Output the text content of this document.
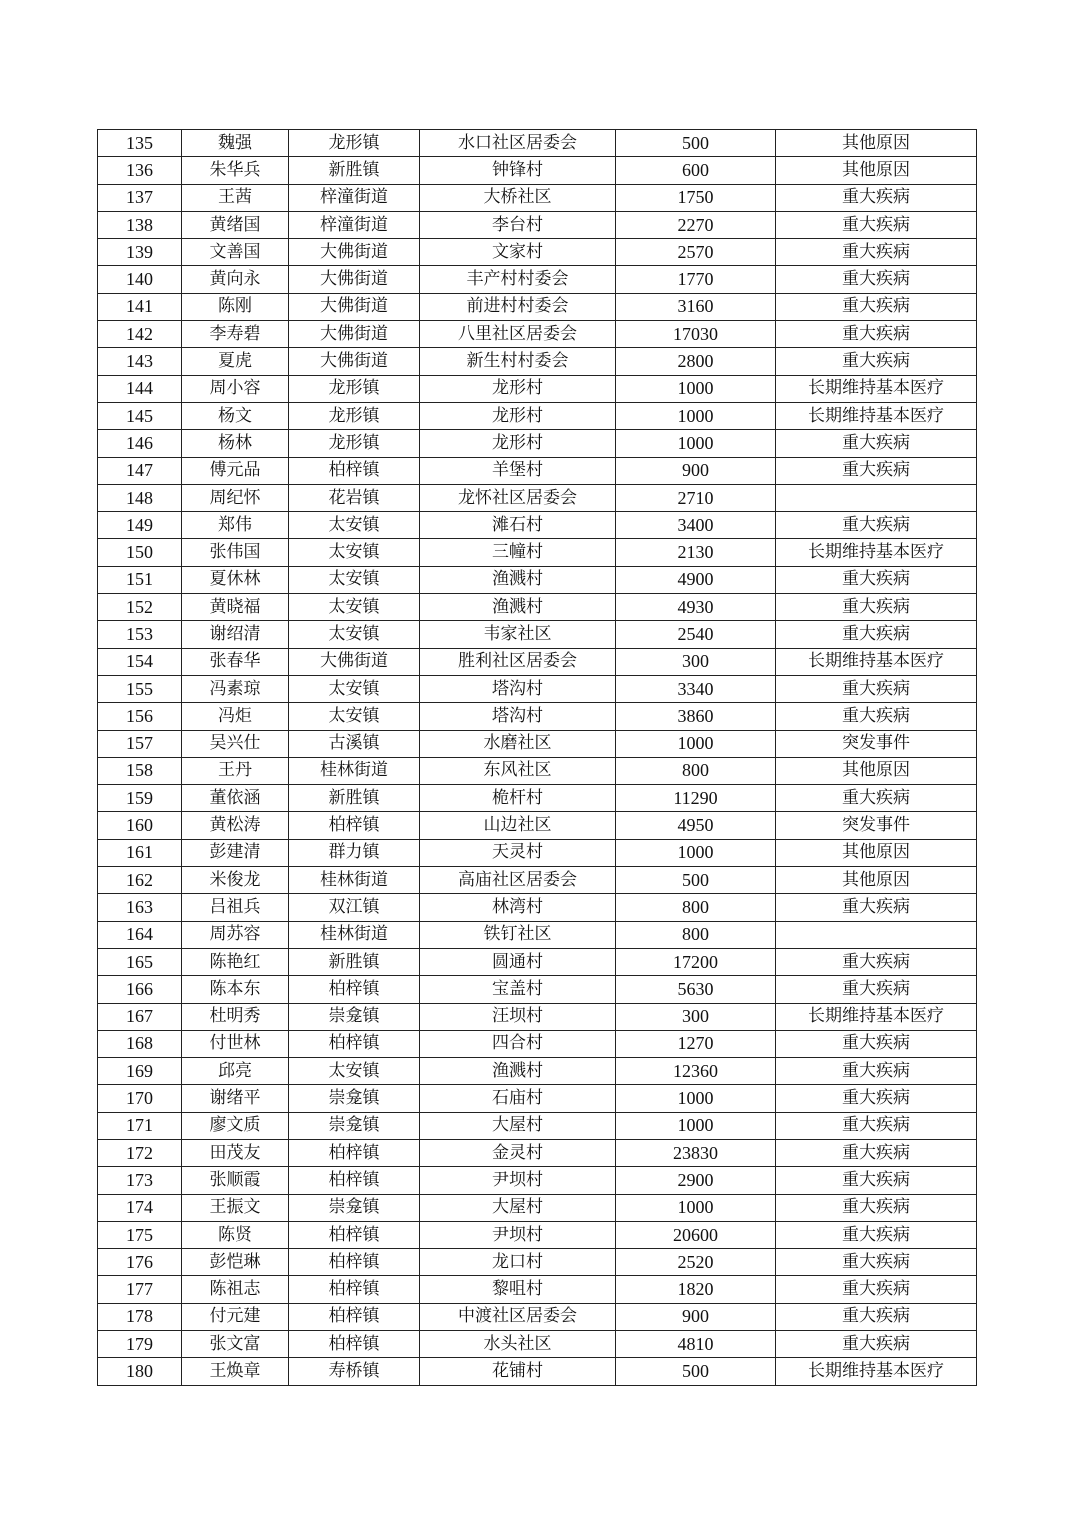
135	魏强	龙形镇	水口社区居委会	500	其他原因
136	朱华兵	新胜镇	钟锋村	600	其他原因
137	王茜	梓潼街道	大桥社区	1750	重大疾病
138	黄绪国	梓潼街道	李台村	2270	重大疾病
139	文善国	大佛街道	文家村	2570	重大疾病
140	黄向永	大佛街道	丰产村村委会	1770	重大疾病
141	陈刚	大佛街道	前进村村委会	3160	重大疾病
142	李寿碧	大佛街道	八里社区居委会	17030	重大疾病
143	夏虎	大佛街道	新生村村委会	2800	重大疾病
144	周小容	龙形镇	龙形村	1000	长期维持基本医疗
145	杨文	龙形镇	龙形村	1000	长期维持基本医疗
146	杨林	龙形镇	龙形村	1000	重大疾病
147	傅元品	柏梓镇	羊堡村	900	重大疾病
148	周纪怀	花岩镇	龙怀社区居委会	2710	
149	郑伟	太安镇	滩石村	3400	重大疾病
150	张伟国	太安镇	三幢村	2130	长期维持基本医疗
151	夏休林	太安镇	渔溅村	4900	重大疾病
152	黄晓福	太安镇	渔溅村	4930	重大疾病
153	谢绍清	太安镇	韦家社区	2540	重大疾病
154	张春华	大佛街道	胜利社区居委会	300	长期维持基本医疗
155	冯素琼	太安镇	塔沟村	3340	重大疾病
156	冯炬	太安镇	塔沟村	3860	重大疾病
157	吴兴仕	古溪镇	水磨社区	1000	突发事件
158	王丹	桂林街道	东风社区	800	其他原因
159	董依涵	新胜镇	桅杆村	11290	重大疾病
160	黄松涛	柏梓镇	山边社区	4950	突发事件
161	彭建清	群力镇	天灵村	1000	其他原因
162	米俊龙	桂林街道	高庙社区居委会	500	其他原因
163	吕祖兵	双江镇	林湾村	800	重大疾病
164	周苏容	桂林街道	铁钉社区	800	
165	陈艳红	新胜镇	圆通村	17200	重大疾病
166	陈本东	柏梓镇	宝盖村	5630	重大疾病
167	杜明秀	崇龛镇	汪坝村	300	长期维持基本医疗
168	付世林	柏梓镇	四合村	1270	重大疾病
169	邱亮	太安镇	渔溅村	12360	重大疾病
170	谢绪平	崇龛镇	石庙村	1000	重大疾病
171	廖文质	崇龛镇	大屋村	1000	重大疾病
172	田茂友	柏梓镇	金灵村	23830	重大疾病
173	张顺霞	柏梓镇	尹坝村	2900	重大疾病
174	王振文	崇龛镇	大屋村	1000	重大疾病
175	陈贤	柏梓镇	尹坝村	20600	重大疾病
176	彭恺琳	柏梓镇	龙口村	2520	重大疾病
177	陈祖志	柏梓镇	黎咀村	1820	重大疾病
178	付元建	柏梓镇	中渡社区居委会	900	重大疾病
179	张文富	柏梓镇	水头社区	4810	重大疾病
180	王焕章	寿桥镇	花铺村	500	长期维持基本医疗
